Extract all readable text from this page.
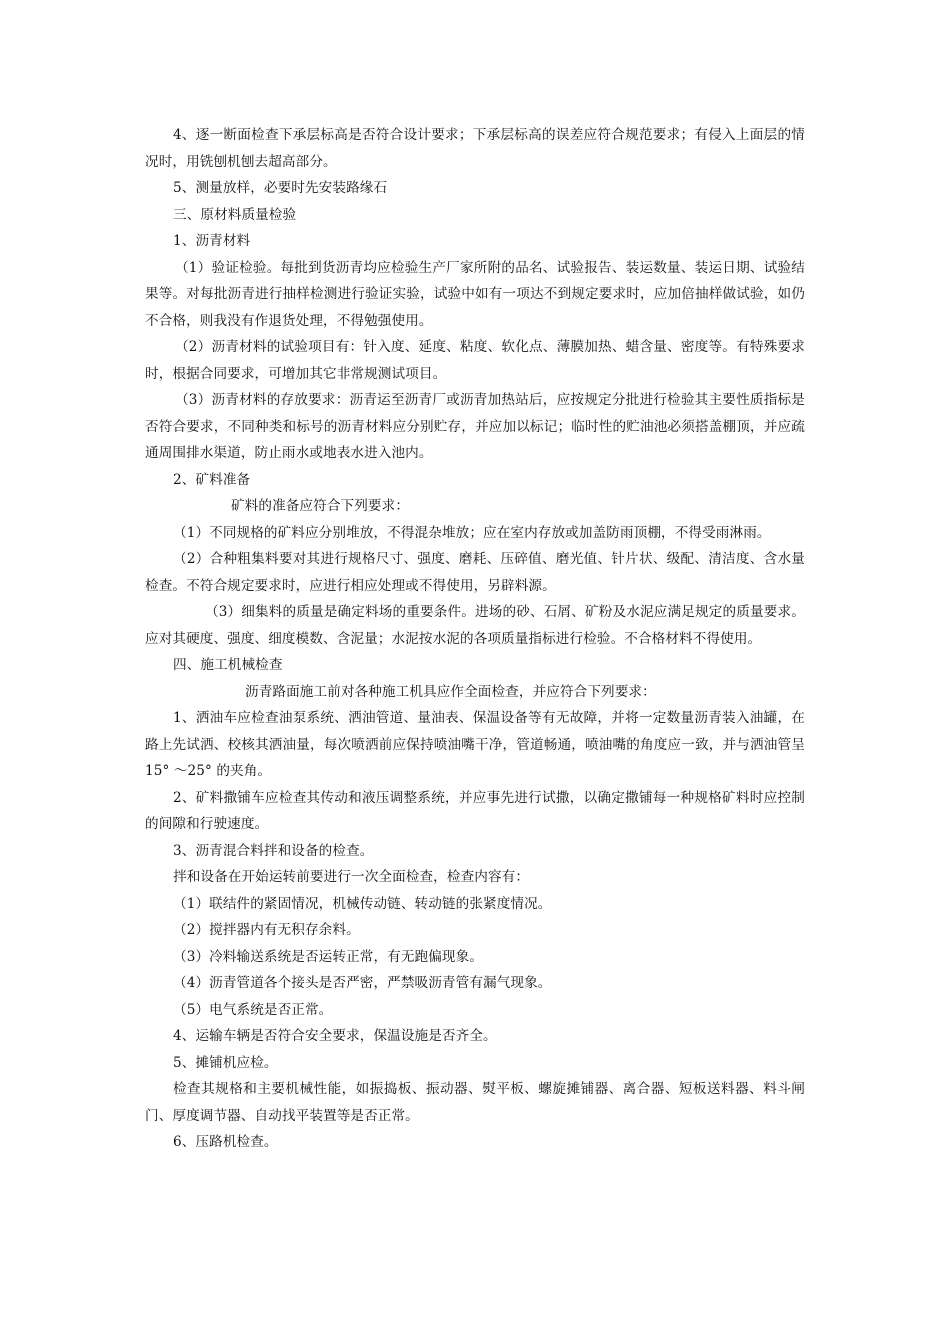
4、逐一断面检查下承层标高是否符合设计要求；下承层标高的误差应符合规范要求；有侵入上面层的情况时，用铣刨机刨去超高部分。

5、测量放样，必要时先安装路缘石

三、原材料质量检验

1、沥青材料

（1）验证检验。每批到货沥青均应检验生产厂家所附的品名、试验报告、装运数量、装运日期、试验结果等。对每批沥青进行抽样检测进行验证实验，试验中如有一项达不到规定要求时，应加倍抽样做试验，如仍不合格，则我没有作退货处理，不得勉强使用。

（2）沥青材料的试验项目有：针入度、延度、粘度、软化点、薄膜加热、蜡含量、密度等。有特殊要求时，根据合同要求，可增加其它非常规测试项目。

（3）沥青材料的存放要求：沥青运至沥青厂或沥青加热站后，应按规定分批进行检验其主要性质指标是否符合要求，不同种类和标号的沥青材料应分别贮存，并应加以标记；临时性的贮油池必须搭盖棚顶，并应疏通周围排水渠道，防止雨水或地表水进入池内。

2、矿料准备

矿料的准备应符合下列要求：

（1）不同规格的矿料应分别堆放，不得混杂堆放；应在室内存放或加盖防雨顶棚，不得受雨淋雨。

（2）合种粗集料要对其进行规格尺寸、强度、磨耗、压碎值、磨光值、针片状、级配、清洁度、含水量检查。不符合规定要求时，应进行相应处理或不得使用，另辟料源。

（3）细集料的质量是确定料场的重要条件。进场的砂、石屑、矿粉及水泥应满足规定的质量要求。应对其硬度、强度、细度模数、含泥量；水泥按水泥的各项质量指标进行检验。不合格材料不得使用。

四、施工机械检查

沥青路面施工前对各种施工机具应作全面检查，并应符合下列要求：

1、洒油车应检查油泵系统、洒油管道、量油表、保温设备等有无故障，并将一定数量沥青装入油罐，在路上先试洒、校核其洒油量，每次喷洒前应保持喷油嘴干净，管道畅通，喷油嘴的角度应一致，并与洒油管呈 15° ～25° 的夹角。

2、矿料撒铺车应检查其传动和液压调整系统，并应事先进行试撒，以确定撒铺每一种规格矿料时应控制的间隙和行驶速度。

3、沥青混合料拌和设备的检查。

拌和设备在开始运转前要进行一次全面检查，检查内容有：

（1）联结件的紧固情况，机械传动链、转动链的张紧度情况。

（2）搅拌器内有无积存余料。

（3）冷料输送系统是否运转正常，有无跑偏现象。

（4）沥青管道各个接头是否严密，严禁吸沥青管有漏气现象。

（5）电气系统是否正常。

4、运输车辆是否符合安全要求，保温设施是否齐全。

5、摊铺机应检。

检查其规格和主要机械性能，如振捣板、振动器、熨平板、螺旋摊铺器、离合器、短板送料器、料斗闸门、厚度调节器、自动找平装置等是否正常。

6、压路机检查。
